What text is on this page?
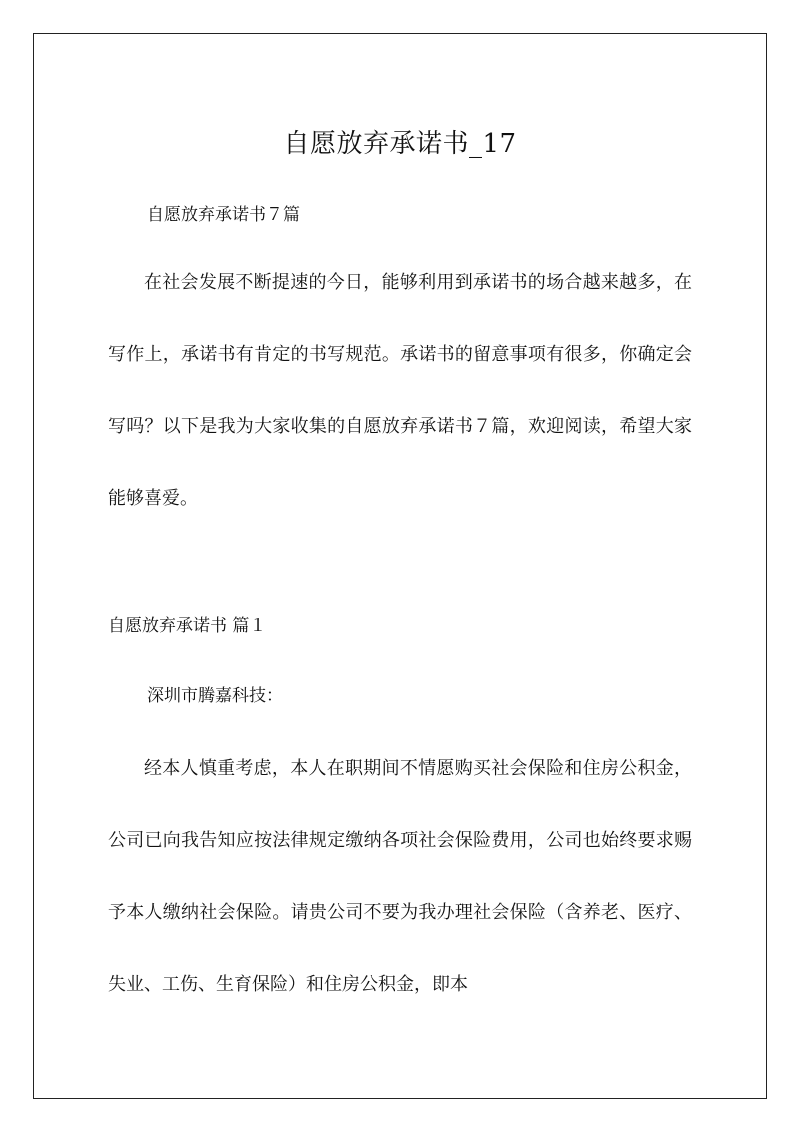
自愿放弃承诺书_17
自愿放弃承诺书７篇

在社会发展不断提速的今日，能够利用到承诺书的场合越来越多，在写作上，承诺书有肯定的书写规范。承诺书的留意事项有很多，你确定会写吗？以下是我为大家收集的自愿放弃承诺书７篇，欢迎阅读，希望大家能够喜爱。

自愿放弃承诺书 篇１
深圳市腾嘉科技：

经本人慎重考虑，本人在职期间不情愿购买社会保险和住房公积金，公司已向我告知应按法律规定缴纳各项社会保险费用，公司也始终要求赐予本人缴纳社会保险。请贵公司不要为我办理社会保险（含养老、医疗、失业、工伤、生育保险）和住房公积金，即本
